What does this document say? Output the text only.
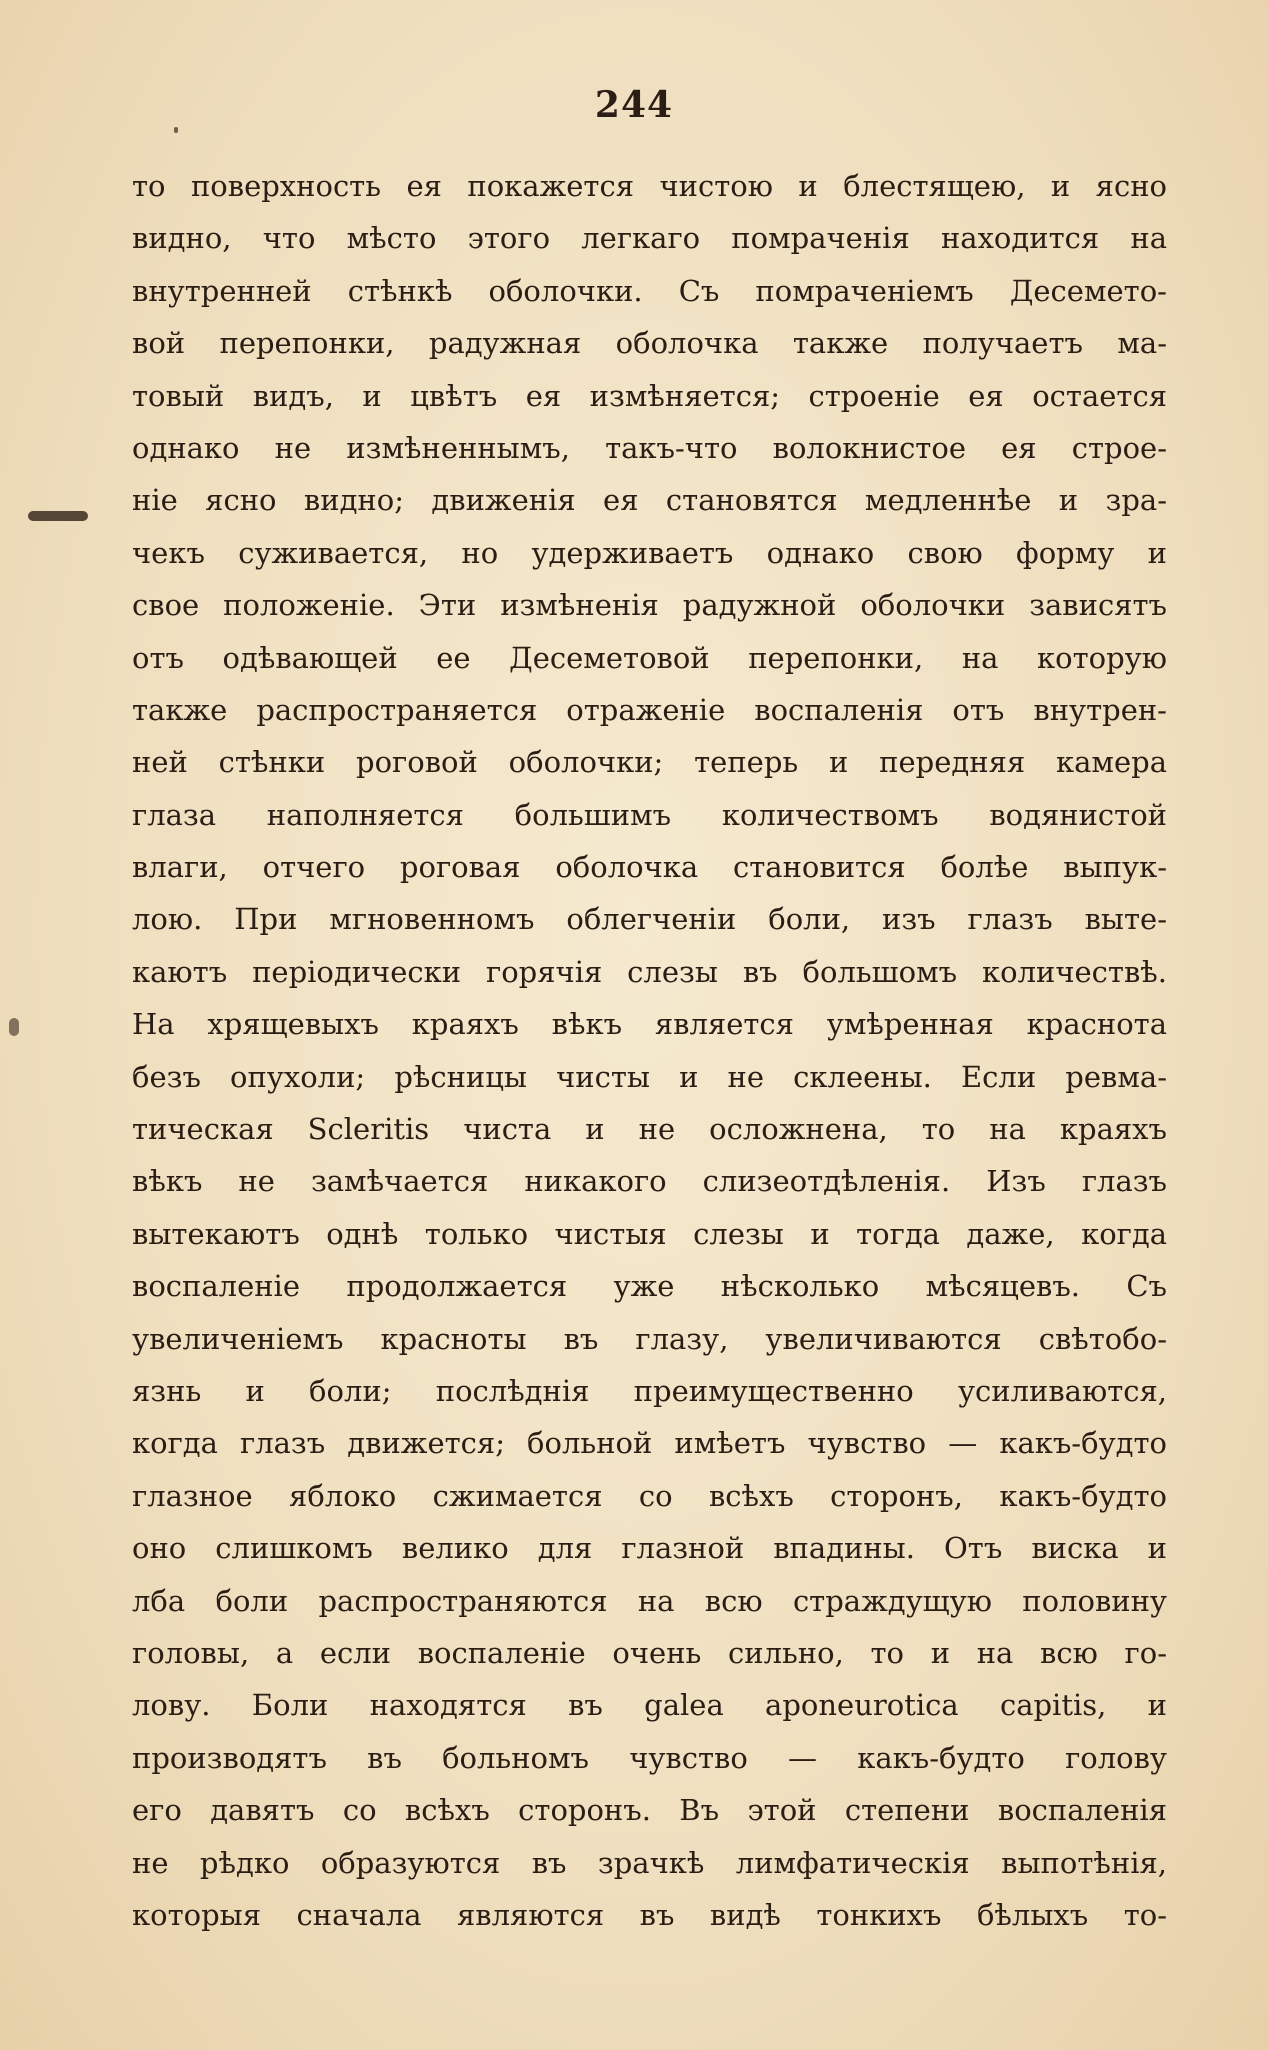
244
то поверхность ея покажется чистою и блестящею, и ясно
видно, что мѣсто этого легкаго помраченія находится на
внутренней стѣнкѣ оболочки. Съ помраченіемъ Десемето-
вой перепонки, радужная оболочка также получаетъ ма-
товый видъ, и цвѣтъ ея измѣняется; строеніе ея остается
однако не измѣненнымъ, такъ-что волокнистое ея строе-
ніе ясно видно; движенія ея становятся медленнѣе и зра-
чекъ суживается, но удерживаетъ однако свою форму и
свое положеніе. Эти измѣненія радужной оболочки зависятъ
отъ одѣвающей ее Десеметовой перепонки, на которую
также распространяется отраженіе воспаленія отъ внутрен-
ней стѣнки роговой оболочки; теперь и передняя камера
глаза наполняется большимъ количествомъ водянистой
влаги, отчего роговая оболочка становится болѣе выпук-
лою. При мгновенномъ облегченіи боли, изъ глазъ выте-
каютъ періодически горячія слезы въ большомъ количествѣ.
На хрящевыхъ краяхъ вѣкъ является умѣренная краснота
безъ опухоли; рѣсницы чисты и не склеены. Если ревма-
тическая Scleritis чиста и не осложнена, то на краяхъ
вѣкъ не замѣчается никакого слизеотдѣленія. Изъ глазъ
вытекаютъ однѣ только чистыя слезы и тогда даже, когда
воспаленіе продолжается уже нѣсколько мѣсяцевъ. Съ
увеличеніемъ красноты въ глазу, увеличиваются свѣтобо-
язнь и боли; послѣднія преимущественно усиливаются,
когда глазъ движется; больной имѣетъ чувство — какъ-будто
глазное яблоко сжимается со всѣхъ сторонъ, какъ-будто
оно слишкомъ велико для глазной впадины. Отъ виска и
лба боли распространяются на всю страждущую половину
головы, а если воспаленіе очень сильно, то и на всю го-
лову. Боли находятся въ galea aponeurotica capitis, и
производятъ въ больномъ чувство — какъ-будто голову
его давятъ со всѣхъ сторонъ. Въ этой степени воспаленія
не рѣдко образуются въ зрачкѣ лимфатическія выпотѣнія,
которыя сначала являются въ видѣ тонкихъ бѣлыхъ то-
